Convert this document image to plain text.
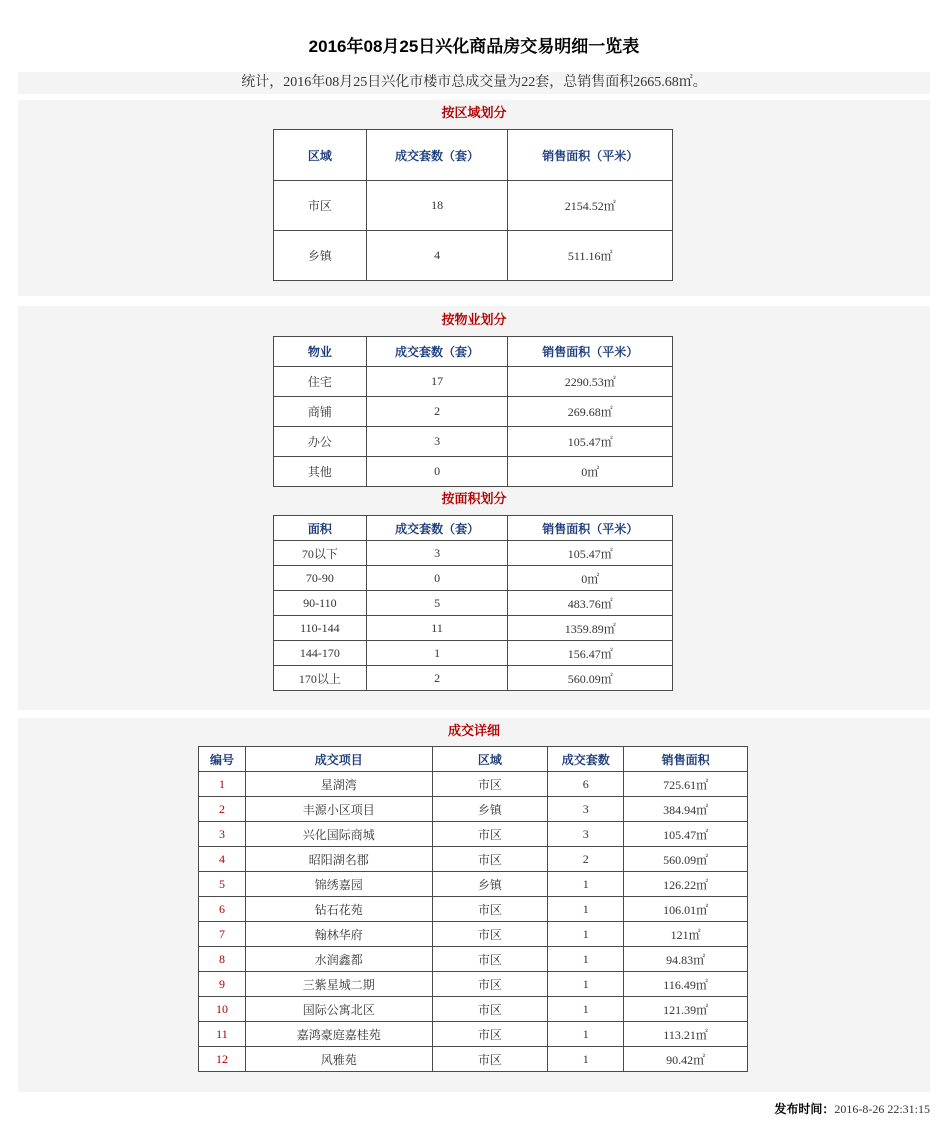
2016年08月25日兴化商品房交易明细一览表
统计，2016年08月25日兴化市楼市总成交量为22套，总销售面积2665.68㎡。
按区域划分
区域	成交套数（套）	销售面积（平米）
市区	18	2154.52㎡
乡镇	4	511.16㎡
按物业划分
物业	成交套数（套）	销售面积（平米）
住宅	17	2290.53㎡
商铺	2	269.68㎡
办公	3	105.47㎡
其他	0	0㎡
按面积划分
面积	成交套数（套）	销售面积（平米）
70以下	3	105.47㎡
70-90	0	0㎡
90-110	5	483.76㎡
110-144	11	1359.89㎡
144-170	1	156.47㎡
170以上	2	560.09㎡
成交详细
编号	成交项目	区域	成交套数	销售面积
1	星湖湾	市区	6	725.61㎡
2	丰源小区项目	乡镇	3	384.94㎡
3	兴化国际商城	市区	3	105.47㎡
4	昭阳湖名郡	市区	2	560.09㎡
5	锦绣嘉园	乡镇	1	126.22㎡
6	钻石花苑	市区	1	106.01㎡
7	翰林华府	市区	1	121㎡
8	水润鑫都	市区	1	94.83㎡
9	三紫星城二期	市区	1	116.49㎡
10	国际公寓北区	市区	1	121.39㎡
11	嘉鸿豪庭嘉桂苑	市区	1	113.21㎡
12	风雅苑	市区	1	90.42㎡
发布时间：2016-8-26 22:31:15
